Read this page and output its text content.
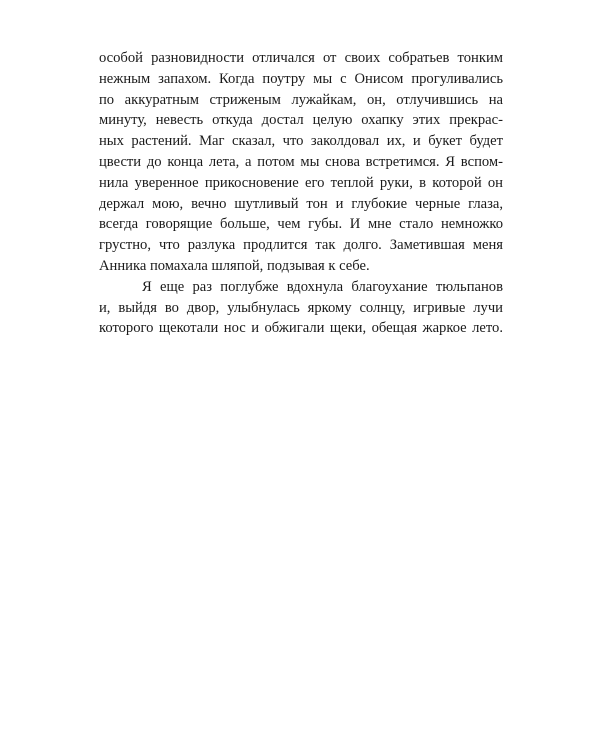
особой разновидности отличался от своих собратьев тонким
нежным запахом. Когда поутру мы с Онисом прогуливались
по аккуратным стриженым лужайкам, он, отлучившись на
минуту, невесть откуда достал целую охапку этих прекрас-
ных растений. Маг сказал, что заколдовал их, и букет будет
цвести до конца лета, а потом мы снова встретимся. Я вспом-
нила уверенное прикосновение его теплой руки, в которой он
держал мою, вечно шутливый тон и глубокие черные глаза,
всегда говорящие больше, чем губы. И мне стало немножко
грустно, что разлука продлится так долго. Заметившая меня
Анника помахала шляпой, подзывая к себе.
Я еще раз поглубже вдохнула благоухание тюльпанов
и, выйдя во двор, улыбнулась яркому солнцу, игривые лучи
которого щекотали нос и обжигали щеки, обещая жаркое лето.
